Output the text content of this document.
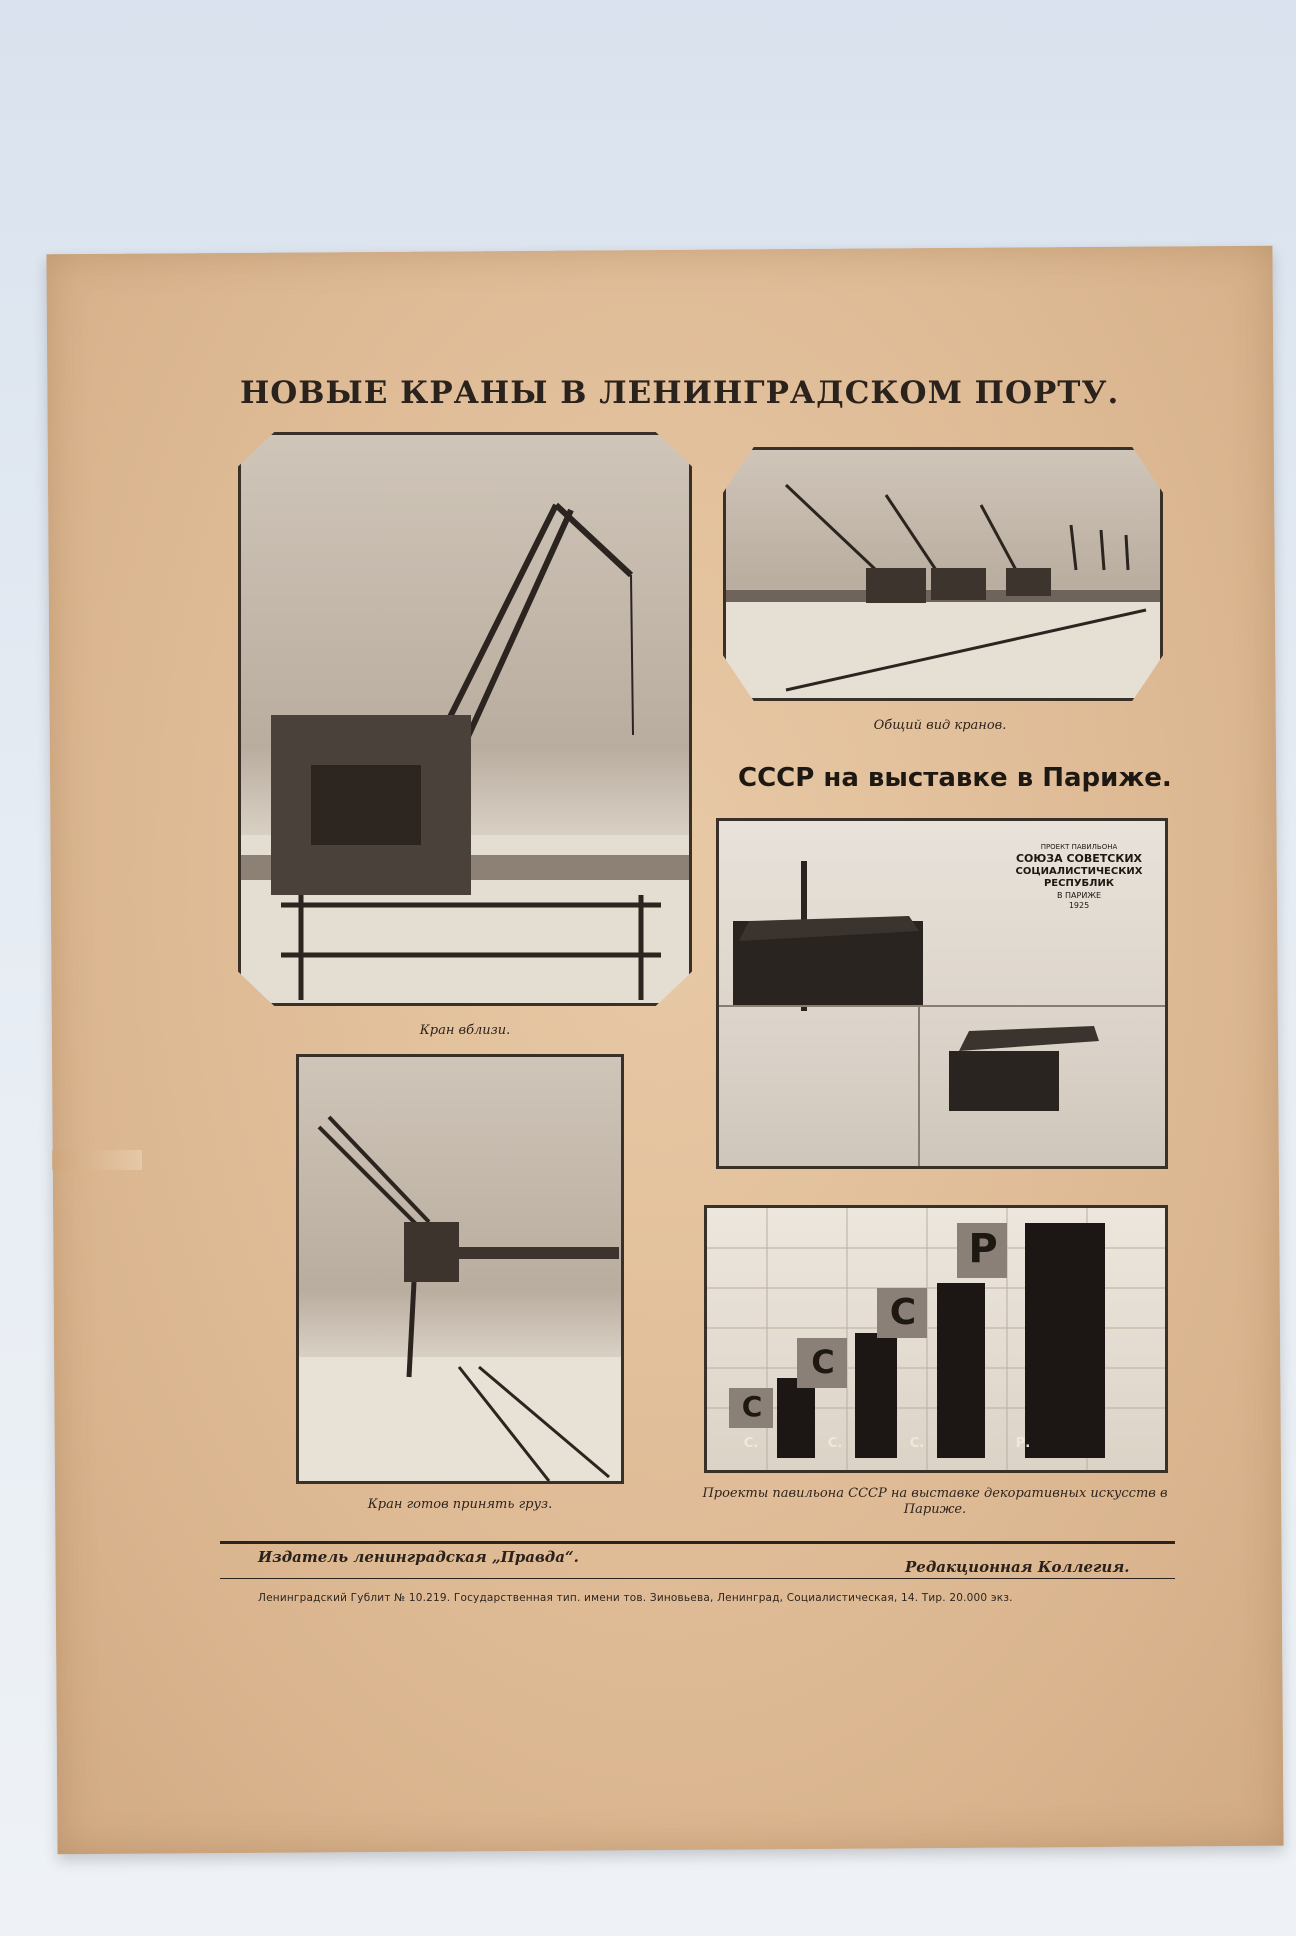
НОВЫЕ КРАНЫ В ЛЕНИНГРАДСКОМ ПОРТУ.
Кран вблизи.
Общий вид кранов.
СССР на выставке в Париже.
ПРОЕКТ ПАВИЛЬОНА
СОЮЗА СОВЕТСКИХ
СОЦИАЛИСТИЧЕСКИХ
РЕСПУБЛИК
В ПАРИЖЕ
1925
Кран готов принять груз.
С
С
С
Р
С.	С.	С.	Р.
Проекты павильона СССР на выставке декоративных искусств в Париже.
Издатель ленинградская „Правда“.
Редакционная Коллегия.
Ленинградский Гублит № 10.219. Государственная тип. имени тов. Зиновьева, Ленинград, Социалистическая, 14. Тир. 20.000 экз.
